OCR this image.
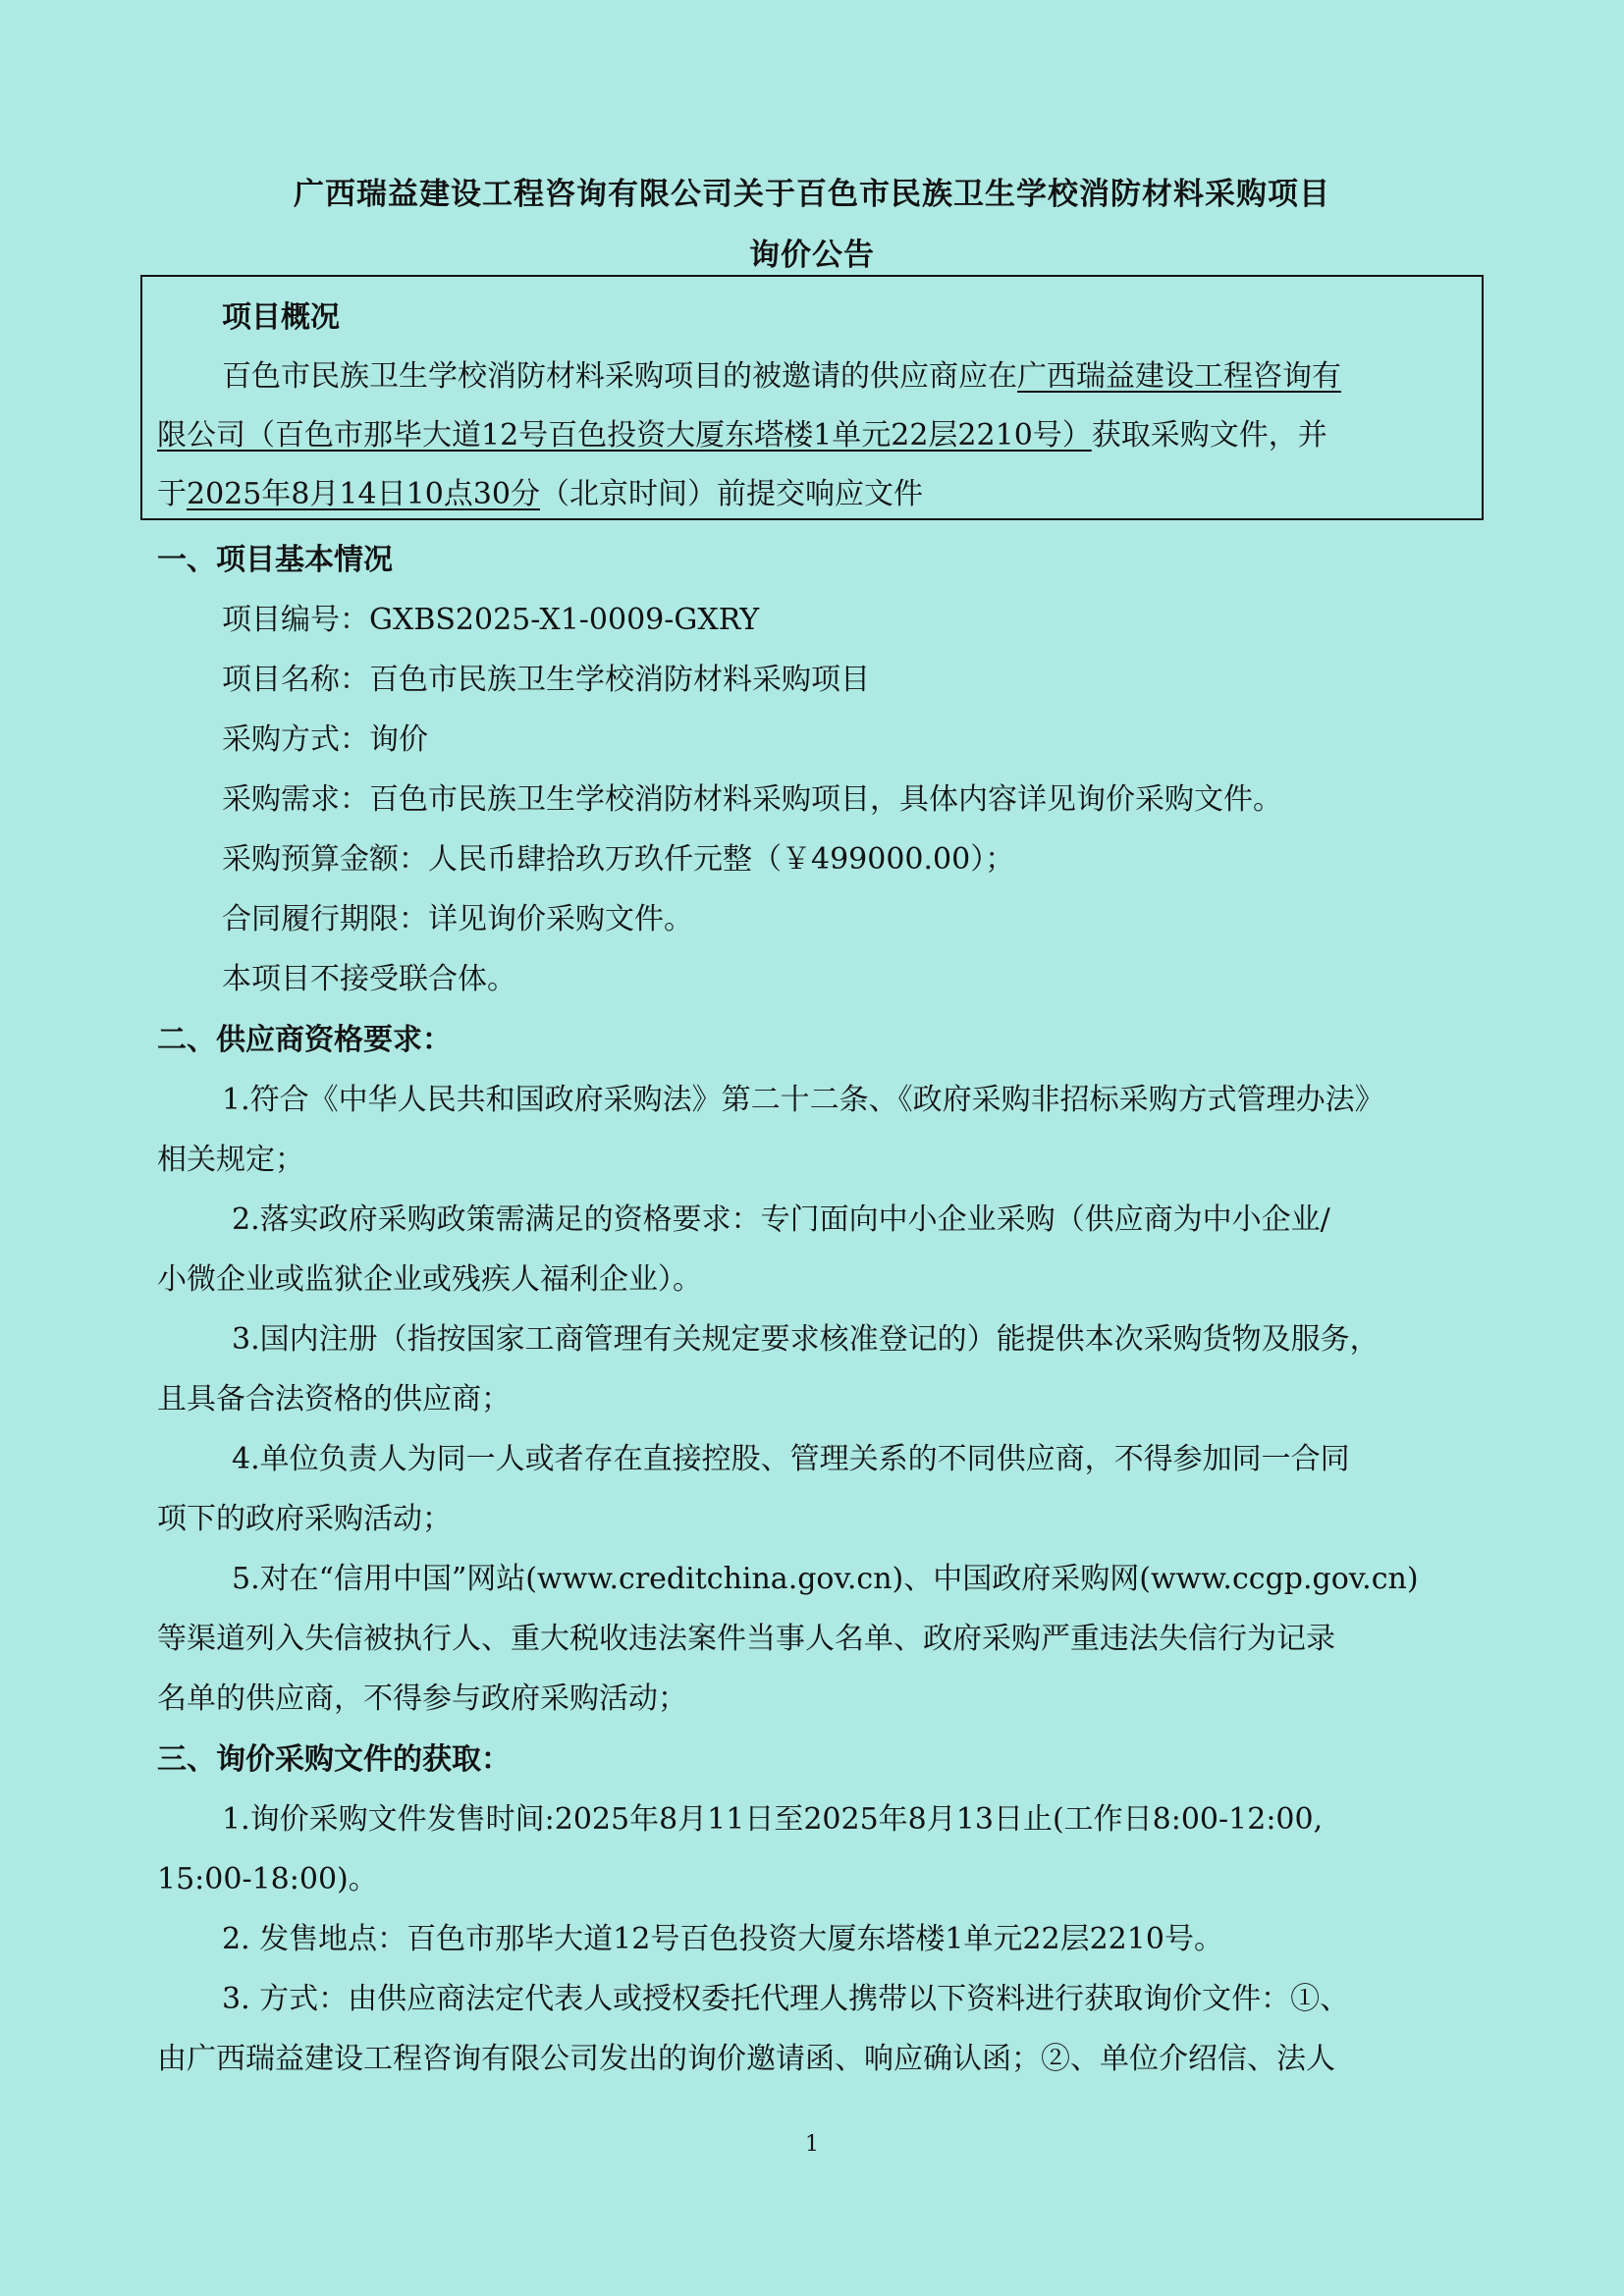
广西瑞益建设工程咨询有限公司关于百色市民族卫生学校消防材料采购项目
询价公告
项目概况
百色市民族卫生学校消防材料采购项目的被邀请的供应商应在广西瑞益建设工程咨询有
限公司（百色市那毕大道12号百色投资大厦东塔楼1单元22层2210号）获取采购文件，并
于2025年8月14日10点30分（北京时间）前提交响应文件
一、项目基本情况
项目编号：GXBS2025-X1-0009-GXRY
项目名称：百色市民族卫生学校消防材料采购项目
采购方式：询价
采购需求：百色市民族卫生学校消防材料采购项目，具体内容详见询价采购文件。
采购预算金额：人民币肆拾玖万玖仟元整（￥499000.00）；
合同履行期限：详见询价采购文件。
本项目不接受联合体。
二、供应商资格要求：
1.符合《中华人民共和国政府采购法》第二十二条、《政府采购非招标采购方式管理办法》
相关规定；
2.落实政府采购政策需满足的资格要求：专门面向中小企业采购（供应商为中小企业/
小微企业或监狱企业或残疾人福利企业）。
3.国内注册（指按国家工商管理有关规定要求核准登记的）能提供本次采购货物及服务，
且具备合法资格的供应商；
4.单位负责人为同一人或者存在直接控股、管理关系的不同供应商，不得参加同一合同
项下的政府采购活动；
5.对在“信用中国”网站(www.creditchina.gov.cn)、中国政府采购网(www.ccgp.gov.cn)
等渠道列入失信被执行人、重大税收违法案件当事人名单、政府采购严重违法失信行为记录
名单的供应商，不得参与政府采购活动；
三、询价采购文件的获取：
1.询价采购文件发售时间:2025年8月11日至2025年8月13日止(工作日8:00-12:00,
15:00-18:00)。
2. 发售地点：百色市那毕大道12号百色投资大厦东塔楼1单元22层2210号。
3. 方式：由供应商法定代表人或授权委托代理人携带以下资料进行获取询价文件：①、
由广西瑞益建设工程咨询有限公司发出的询价邀请函、响应确认函；②、单位介绍信、法人
1
